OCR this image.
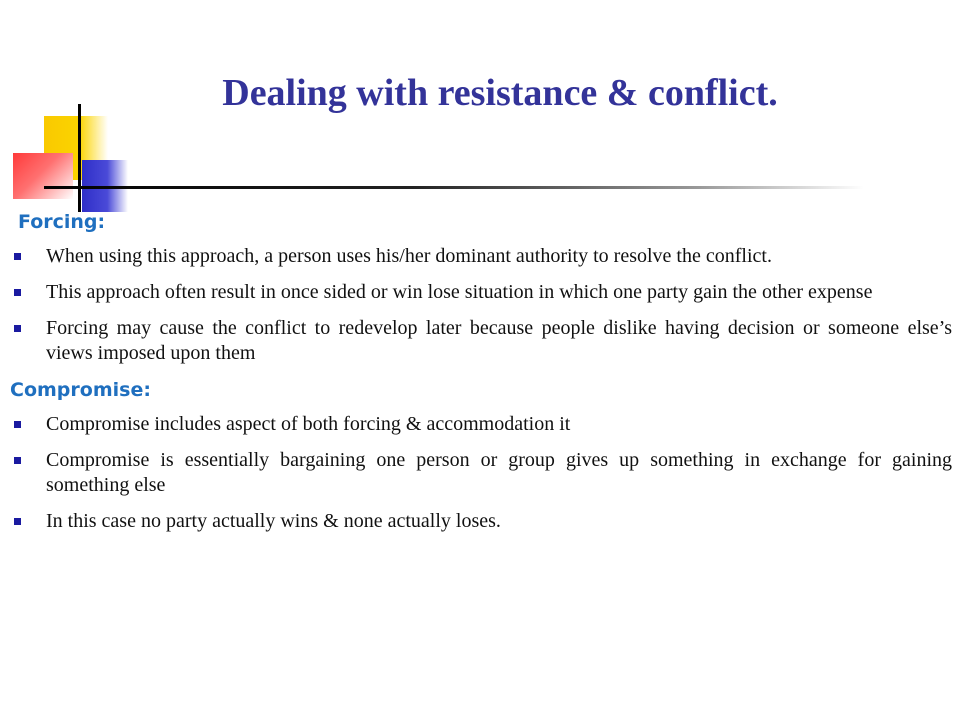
Dealing with resistance & conflict.
Forcing:
When using this approach, a person uses his/her dominant authority to resolve the conflict.
This approach often result in once sided or win lose situation in which one party gain the other expense
Forcing may cause the conflict to redevelop later because people dislike having decision or someone else’s views imposed upon them
Compromise:
Compromise includes aspect of both forcing & accommodation it
Compromise is essentially bargaining one person or group gives up something in exchange for gaining something else
In this case no party actually wins & none actually loses.
